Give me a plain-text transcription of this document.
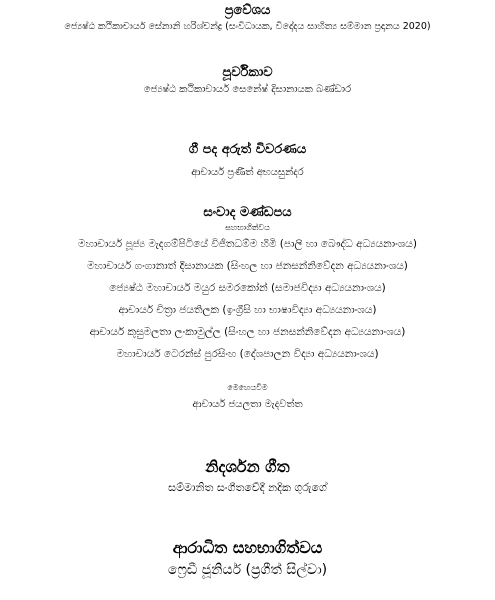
ප්‍රවේශය
ජ්‍යෙෂ්ඨ කථිකාචාර්ය සේනානි හරිශ්චන්ද්‍ර (සංවිධායක, විදෝදය සාහිත්‍ය සම්මාන ප්‍රදානය 2020)
පූර්විකාව
ජ්‍යෙෂ්ඨ කථිකාචාර්ය සෙනේෂ් දිසානායක බණ්ඩාර
ගී පද අරුත් විවරණය
ආචාර්ය ප්‍රණීත් අභයසුන්දර
සංවාද මණ්ඩපය
සහභාගිත්වය
මහාචාර්ය පූජ්‍ය මැදගම්පිටියේ විජිතධම්ම හිමි (පාලි හා බෞද්ධ අධ්‍යයනාංශය)
මහාචාර්ය ගංගානාත් දිසානායක (සිංහල හා ජනසන්නිවේදන අධ්‍යයනාංශය)
ජ්‍යෙෂ්ඨ මහාචාර්ය මයුර සමරකෝන් (සමාජවිද්‍යා අධ්‍යයනාංශය)
ආචාර්ය චිත්‍රා ජයතිලක (ඉංග්‍රීසි හා භාෂාවිද්‍යා අධ්‍යයනාංශය)
ආචාර්ය කුසුමලතා ලංකාමුල්ල (සිංහල හා ජනසන්නිවේදන අධ්‍යයනාංශය)
මහාචාර්ය ටෙරන්ස් පුරසිංහ (දේශපාලන විද්‍යා අධ්‍යයනාංශය)
මෙහෙයවීම
ආචාර්ය ජයලතා මැදවත්ත
නිදර්ශන ගීත
සම්මානිත සංගීතවේදී නදික ගුරුගේ
ආරාධිත සහභාගිත්වය
ෆ්‍රෙඩී ජූනියර් (ප්‍රගීත් සිල්වා)
